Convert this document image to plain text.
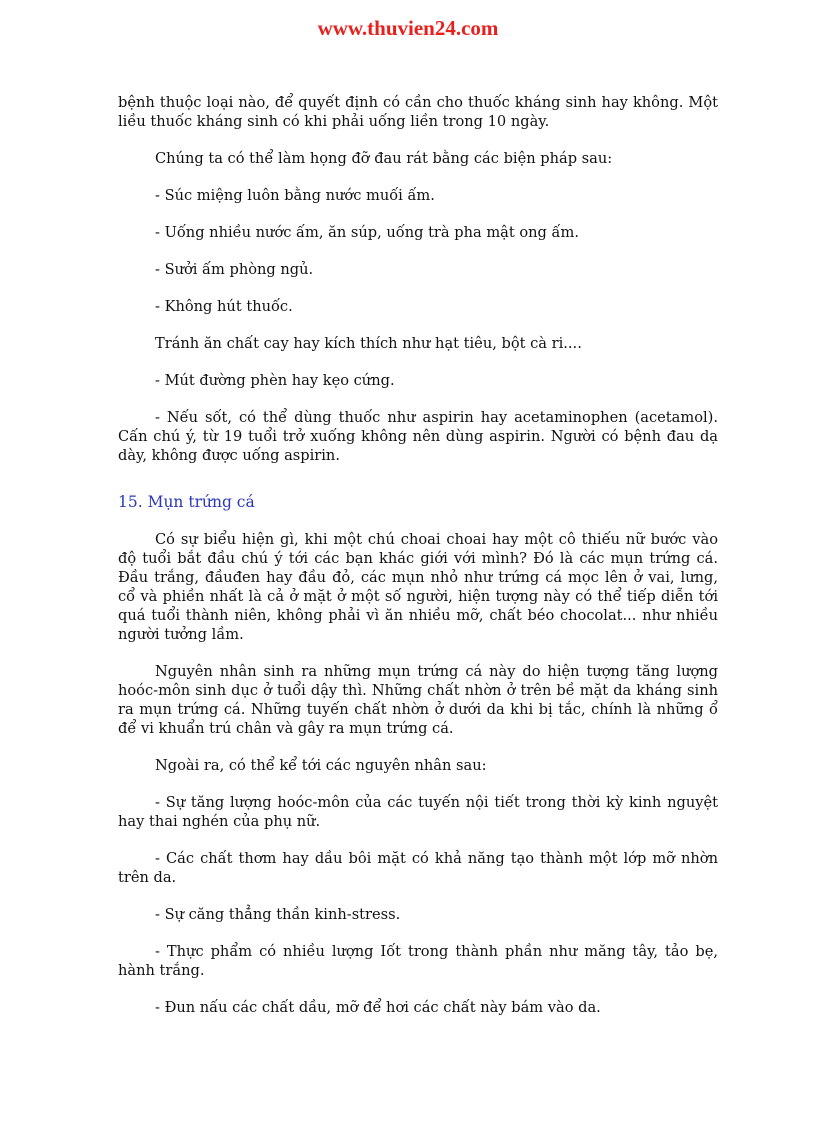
www.thuvien24.com

bệnh thuộc loại nào, để quyết định có cần cho thuốc kháng sinh hay không. Một liều thuốc kháng sinh có khi phải uống liền trong 10 ngày.

Chúng ta có thể làm họng đỡ đau rát bằng các biện pháp sau:

- Súc miệng luôn bằng nước muối ấm.

- Uống nhiều nước ấm, ăn súp, uống trà pha mật ong ấm.

- Sưởi ấm phòng ngủ.

- Không hút thuốc.

Tránh ăn chất cay hay kích thích như hạt tiêu, bột cà ri....

- Mút đường phèn hay kẹo cứng.

- Nếu sốt, có thể dùng thuốc như aspirin hay acetaminophen (acetamol). Cấn chú ý, từ 19 tuổi trở xuống không nên dùng aspirin. Người có bệnh đau dạ dày, không được uống aspirin.

15. Mụn trứng cá

Có sự biểu hiện gì, khi một chú choai choai hay một cô thiếu nữ bước vào độ tuổi bắt đầu chú ý tới các bạn khác giới với mình? Đó là các mụn trứng cá. Đầu trắng, đầuđen hay đầu đỏ, các mụn nhỏ như trứng cá mọc lên ở vai, lưng, cổ và phiền nhất là cả ở mặt ở một số người, hiện tượng này có thể tiếp diễn tới quá tuổi thành niên, không phải vì ăn nhiều mỡ, chất béo chocolat... như nhiều người tưởng lầm.

Nguyên nhân sinh ra những mụn trứng cá này do hiện tượng tăng lượng hoóc-môn sinh dục ở tuổi dậy thì. Những chất nhờn ở trên bề mặt da kháng sinh ra mụn trứng cá. Những tuyến chất nhờn ở dưới da khi bị tắc, chính là những ổ để vi khuẩn trú chân và gây ra mụn trứng cá.

Ngoài ra, có thể kể tới các nguyên nhân sau:

- Sự tăng lượng hoóc-môn của các tuyến nội tiết trong thời kỳ kinh nguyệt hay thai nghén của phụ nữ.

- Các chất thơm hay dầu bôi mặt có khả năng tạo thành một lớp mỡ nhờn trên da.

- Sự căng thẳng thần kinh-stress.

- Thực phẩm có nhiều lượng Iốt trong thành phần như măng tây, tảo bẹ, hành trắng.

- Đun nấu các chất dầu, mỡ để hơi các chất này bám vào da.
